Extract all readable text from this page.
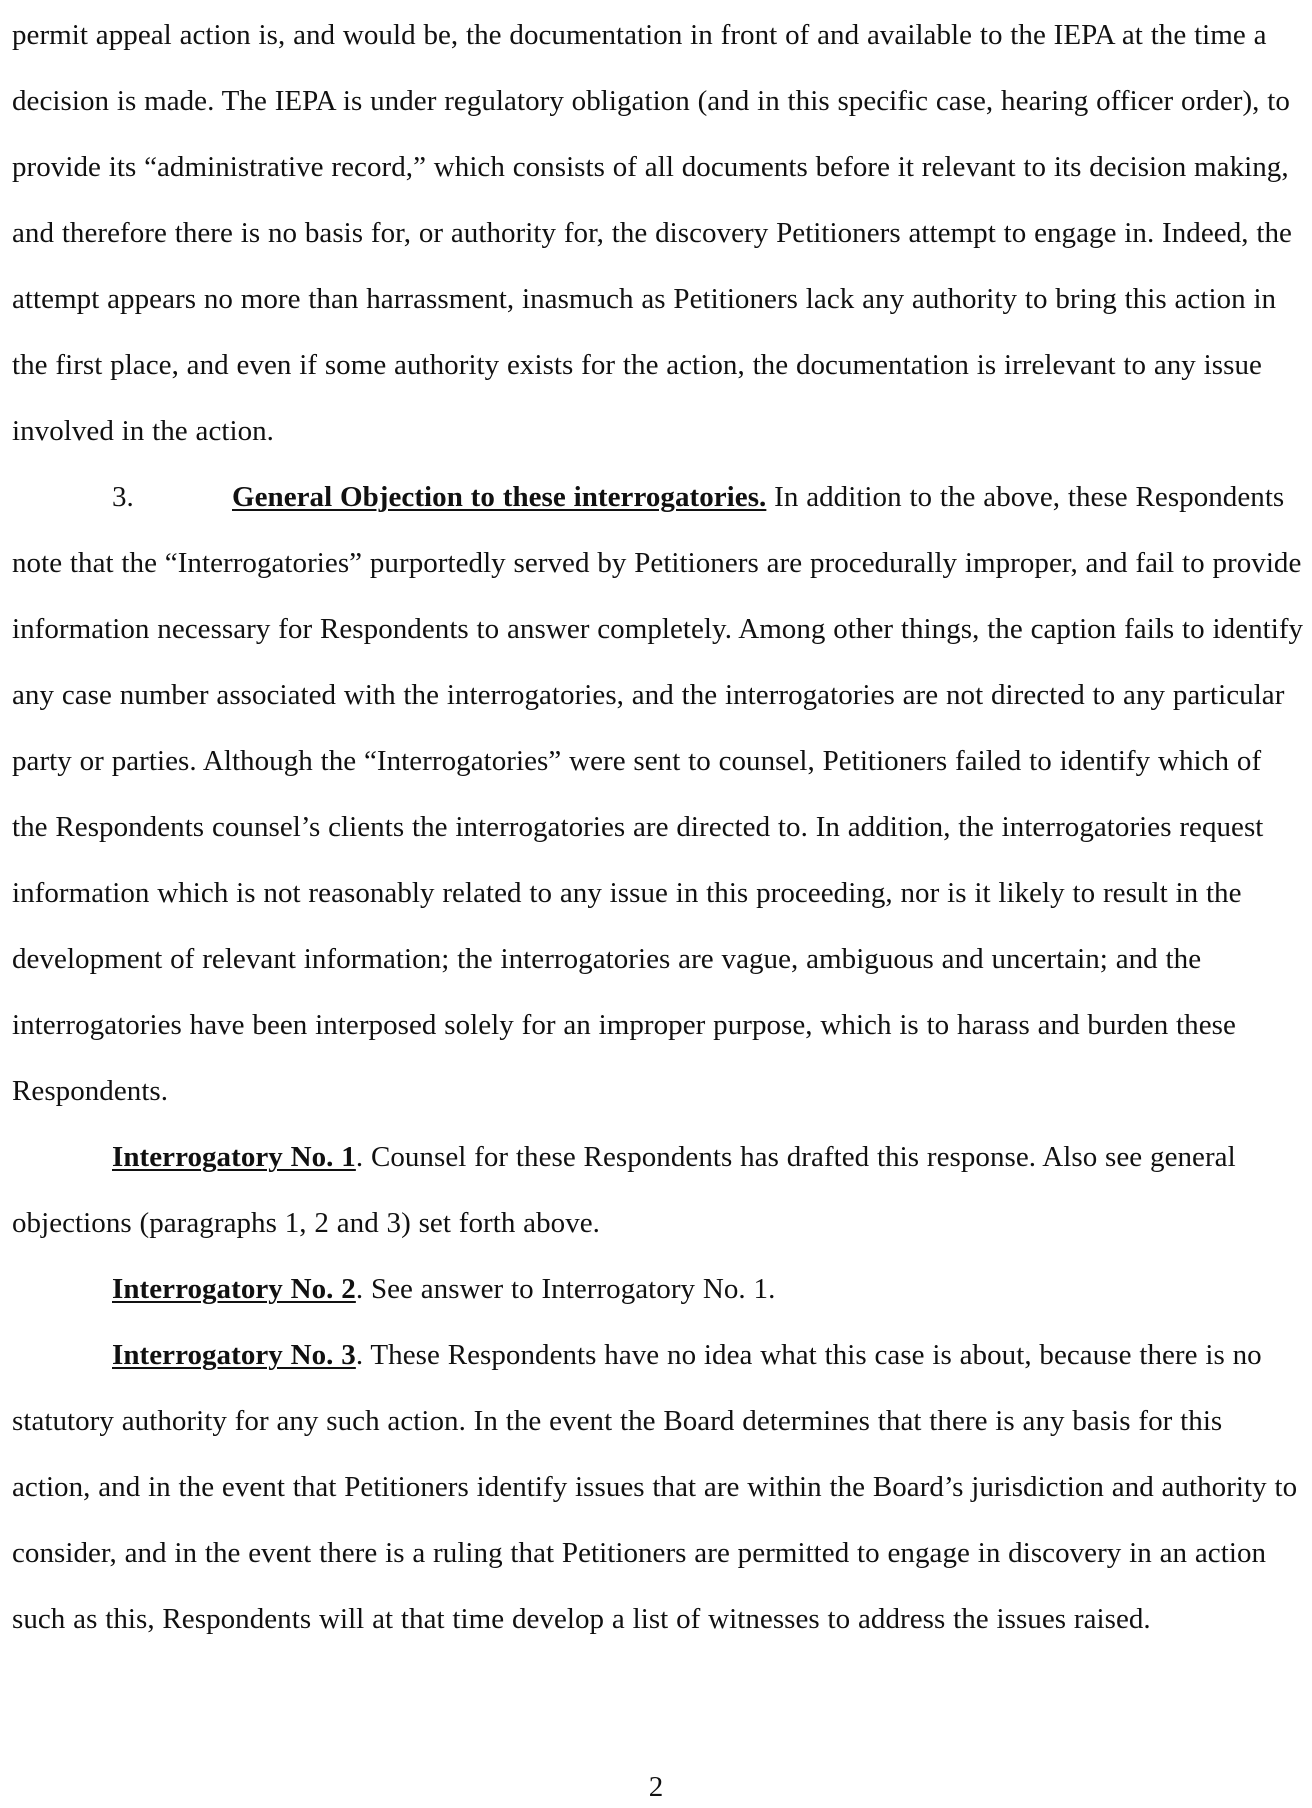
permit appeal action is, and would be, the documentation in front of and available to the IEPA at the time a decision is made. The IEPA is under regulatory obligation (and in this specific case, hearing officer order), to provide its “administrative record,” which consists of all documents before it relevant to its decision making, and therefore there is no basis for, or authority for, the discovery Petitioners attempt to engage in. Indeed, the attempt appears no more than harrassment, inasmuch as Petitioners lack any authority to bring this action in the first place, and even if some authority exists for the action, the documentation is irrelevant to any issue involved in the action.

3.	General Objection to these interrogatories. In addition to the above, these Respondents note that the “Interrogatories” purportedly served by Petitioners are procedurally improper, and fail to provide information necessary for Respondents to answer completely. Among other things, the caption fails to identify any case number associated with the interrogatories, and the interrogatories are not directed to any particular party or parties. Although the “Interrogatories” were sent to counsel, Petitioners failed to identify which of the Respondents counsel’s clients the interrogatories are directed to. In addition, the interrogatories request information which is not reasonably related to any issue in this proceeding, nor is it likely to result in the development of relevant information; the interrogatories are vague, ambiguous and uncertain; and the interrogatories have been interposed solely for an improper purpose, which is to harass and burden these Respondents.

Interrogatory No. 1. Counsel for these Respondents has drafted this response. Also see general objections (paragraphs 1, 2 and 3) set forth above.

Interrogatory No. 2. See answer to Interrogatory No. 1.

Interrogatory No. 3. These Respondents have no idea what this case is about, because there is no statutory authority for any such action. In the event the Board determines that there is any basis for this action, and in the event that Petitioners identify issues that are within the Board’s jurisdiction and authority to consider, and in the event there is a ruling that Petitioners are permitted to engage in discovery in an action such as this, Respondents will at that time develop a list of witnesses to address the issues raised.

2
